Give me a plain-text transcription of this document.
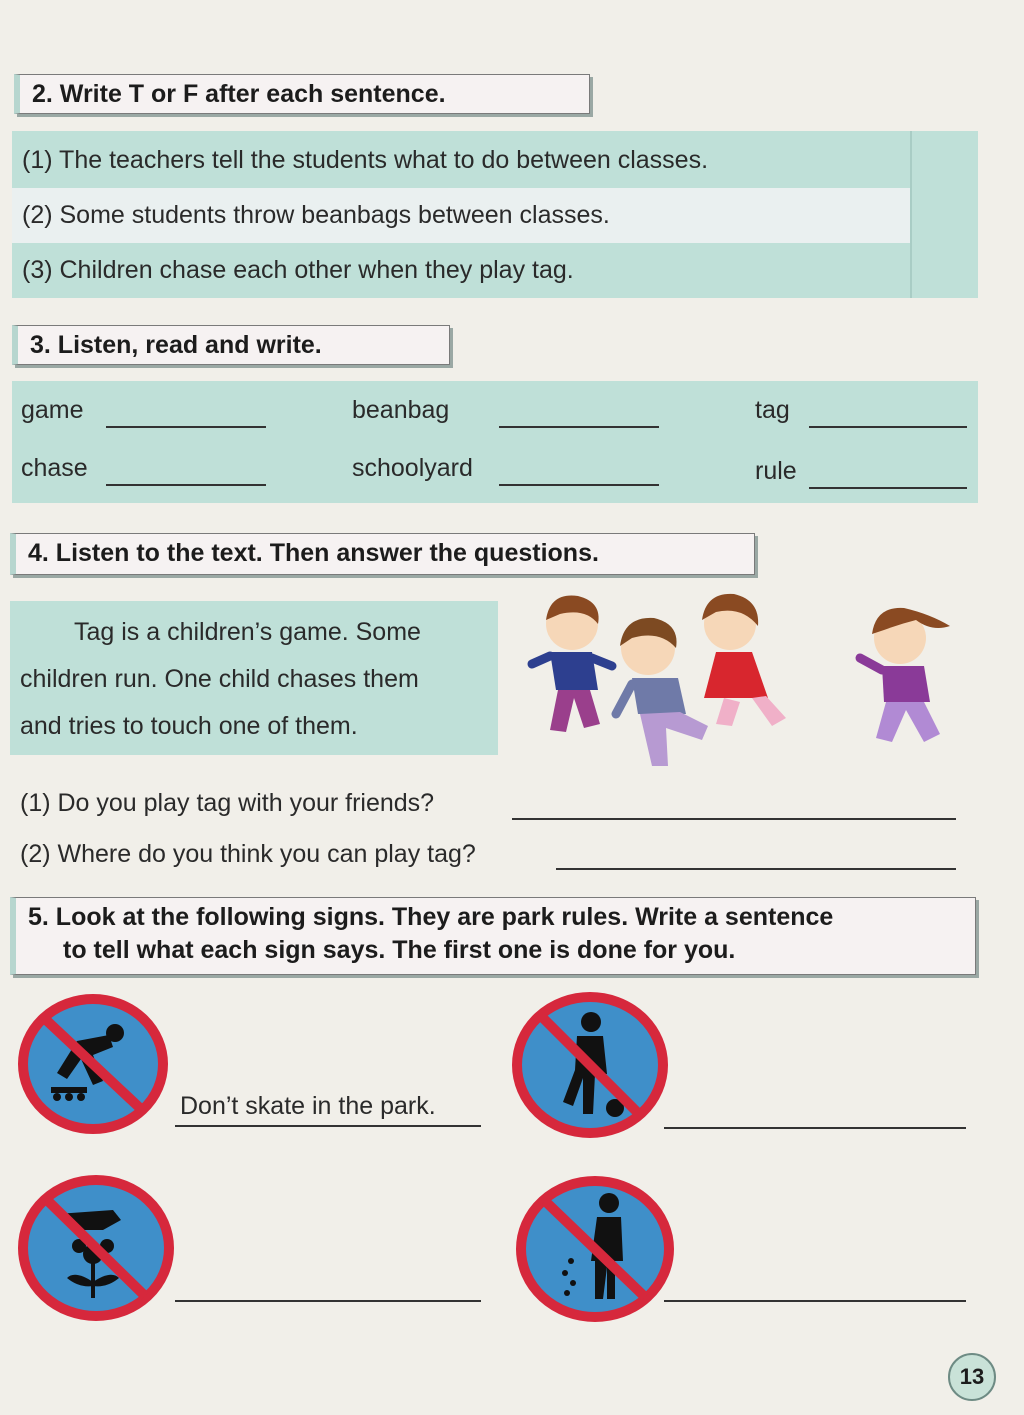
2. Write T or F after each sentence.
(1) The teachers tell the students what to do between classes.
(2) Some students throw beanbags between classes.
(3) Children chase each other when they play tag.
3. Listen, read and write.
game	beanbag	tag
chase	schoolyard	rule
4. Listen to the text. Then answer the questions.
Tag is a children’s game. Some
children run. One child chases them
and tries to touch one of them.
(1) Do you play tag with your friends?
(2) Where do you think you can play tag?
5. Look at the following signs. They are park rules. Write a sentence
to tell what each sign says. The first one is done for you.
Don’t skate in the park.
13
